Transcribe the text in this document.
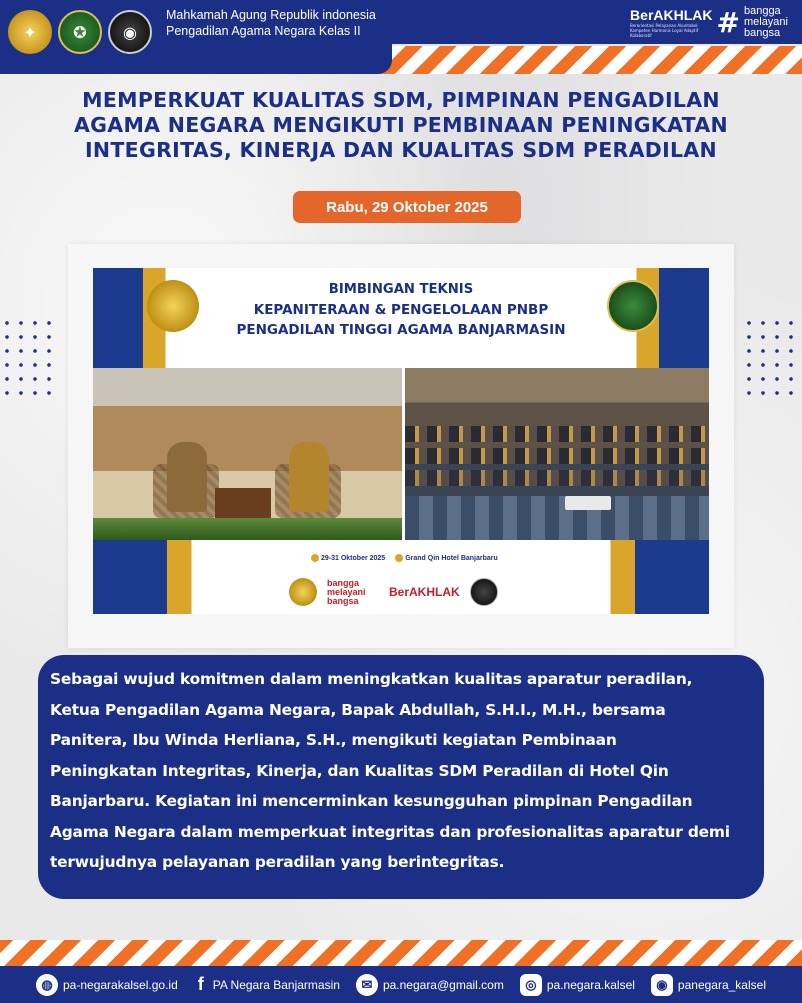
✦ ✪ ◉
Mahkamah Agung Republik indonesia
Pengadilan Agama Negara Kelas II
BerAKHLAK
Berorientasi Pelayanan Akuntabel Kompeten Harmonis Loyal Adaptif Kolaboratif	# bangga
melayani
bangsa
MEMPERKUAT KUALITAS SDM, PIMPINAN PENGADILAN
AGAMA NEGARA MENGIKUTI PEMBINAAN PENINGKATAN
INTEGRITAS, KINERJA DAN KUALITAS SDM PERADILAN
Rabu, 29 Oktober 2025
BIMBINGAN TEKNIS
KEPANITERAAN & PENGELOLAAN PNBP
PENGADILAN TINGGI AGAMA BANJARMASIN
29-31 Oktober 2025	Grand Qin Hotel Banjarbaru
bangga melayani bangsa
BerAKHLAK
Sebagai wujud komitmen dalam meningkatkan kualitas aparatur peradilan,
Ketua Pengadilan Agama Negara, Bapak Abdullah, S.H.I., M.H., bersama
Panitera, Ibu Winda Herliana, S.H., mengikuti kegiatan Pembinaan
Peningkatan Integritas, Kinerja, dan Kualitas SDM Peradilan di Hotel Qin
Banjarbaru. Kegiatan ini mencerminkan kesungguhan pimpinan Pengadilan
Agama Negara dalam memperkuat integritas dan profesionalitas aparatur demi
terwujudnya pelayanan peradilan yang berintegritas.
◍ pa-negarakalsel.go.id f PA Negara Banjarmasin	✉ pa.negara@gmail.com	◎ pa.negara.kalsel	◉ panegara_kalsel
